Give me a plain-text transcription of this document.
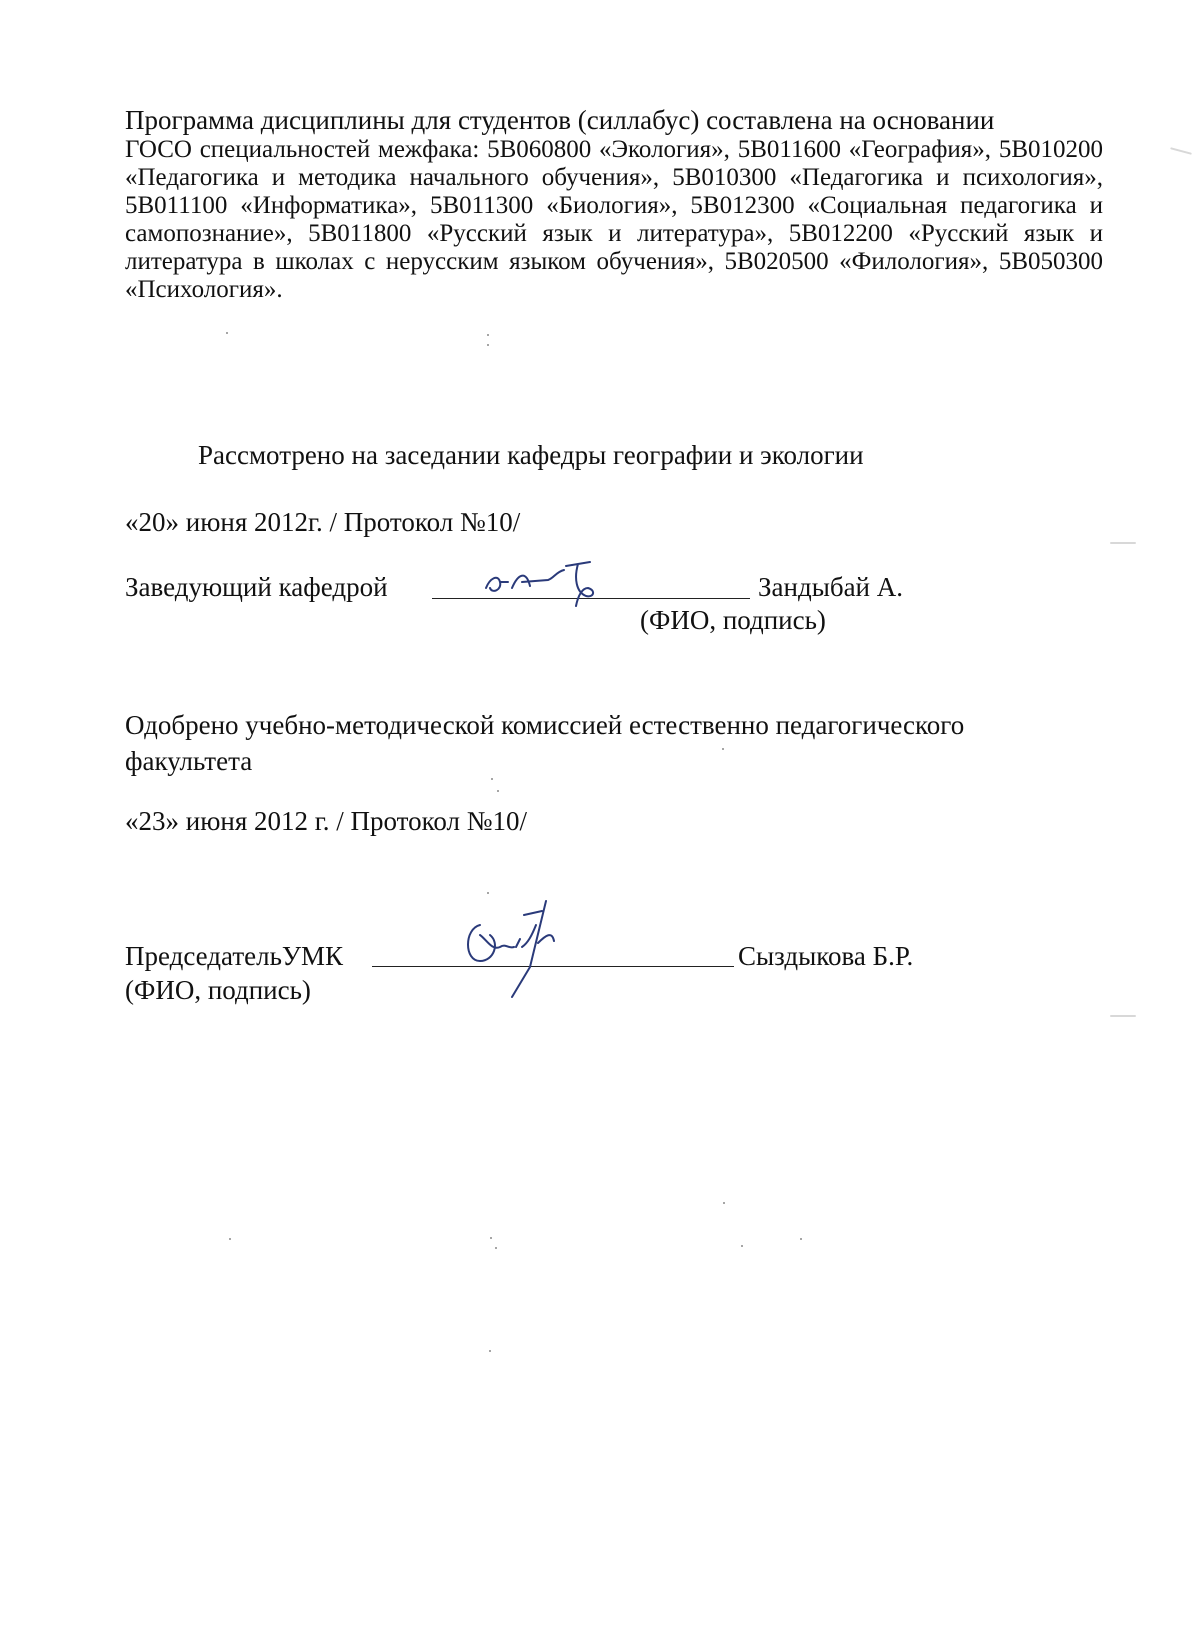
Программа дисциплины для студентов (силлабус) составлена на основании
ГОСО специальностей межфака: 5В060800 «Экология», 5В011600 «География», 5В010200 «Педагогика и методика начального обучения», 5В010300 «Педагогика и психология», 5В011100 «Информатика», 5В011300 «Биология», 5В012300 «Социальная педагогика и самопознание», 5В011800 «Русский язык и литература», 5В012200 «Русский язык и литература в школах с нерусским языком обучения», 5В020500 «Филология», 5В050300 «Психология».
Рассмотрено на заседании кафедры географии и экологии
«20» июня 2012г. / Протокол №10/
Заведующий кафедрой	Зандыбай А.
(ФИО, подпись)
Одобрено учебно-методической комиссией естественно педагогического факультета
«23» июня 2012 г. / Протокол №10/
ПредседательУМК	Сыздыкова Б.Р.
(ФИО, подпись)
